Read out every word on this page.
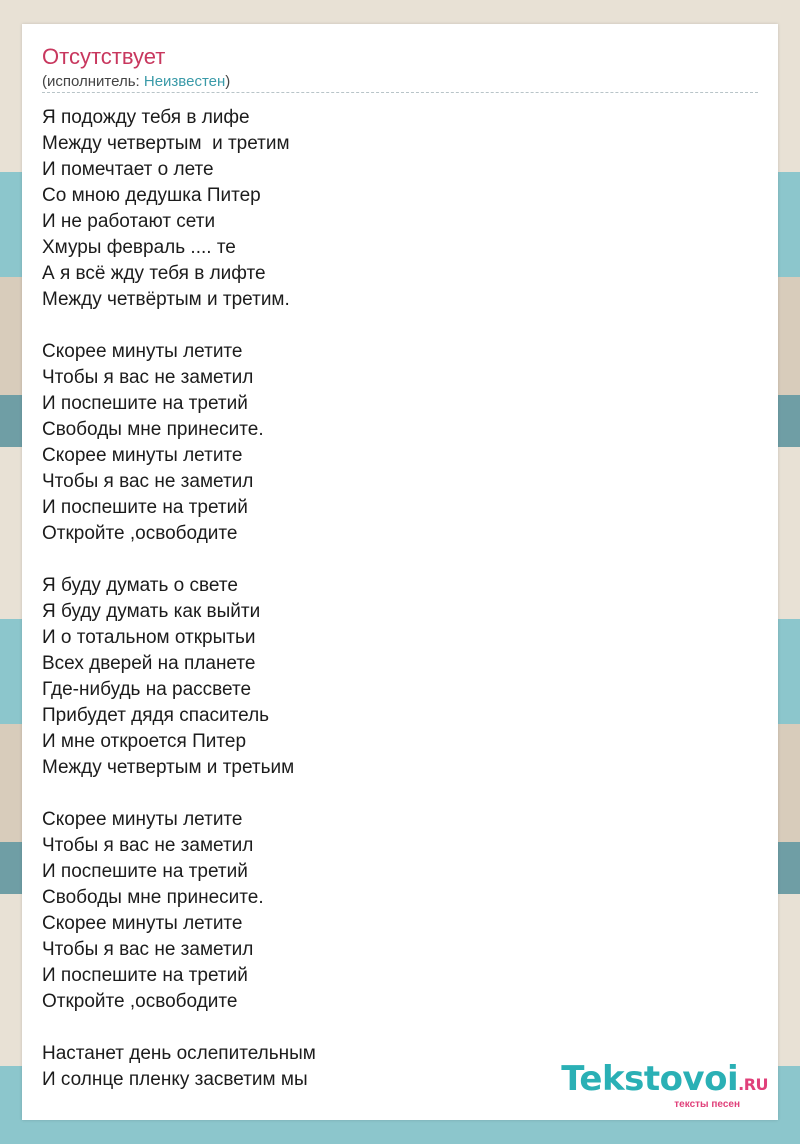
Отсутствует
(исполнитель: Неизвестен)
Я подожду тебя в лифе
Между четвертым  и третим
И помечтает о лете
Со мною дедушка Питер
И не работают сети
Хмуры февраль .... те
А я всё жду тебя в лифте
Между четвёртым и третим.
Скорее минуты летите
Чтобы я вас не заметил
И поспешите на третий
Свободы мне принесите.
Скорее минуты летите
Чтобы я вас не заметил
И поспешите на третий
Откройте ,освободите
Я буду думать о свете
Я буду думать как выйти
И о тотальном открытьи
Всех дверей на планете
Где-нибудь на рассвете
Прибудет дядя спаситель
И мне откроется Питер
Между четвертым и третьим
Скорее минуты летите
Чтобы я вас не заметил
И поспешите на третий
Свободы мне принесите.
Скорее минуты летите
Чтобы я вас не заметил
И поспешите на третий
Откройте ,освободите
Настанет день ослепительным
И солнце пленку засветим мы	Tekstovoi.RU
тексты песен
